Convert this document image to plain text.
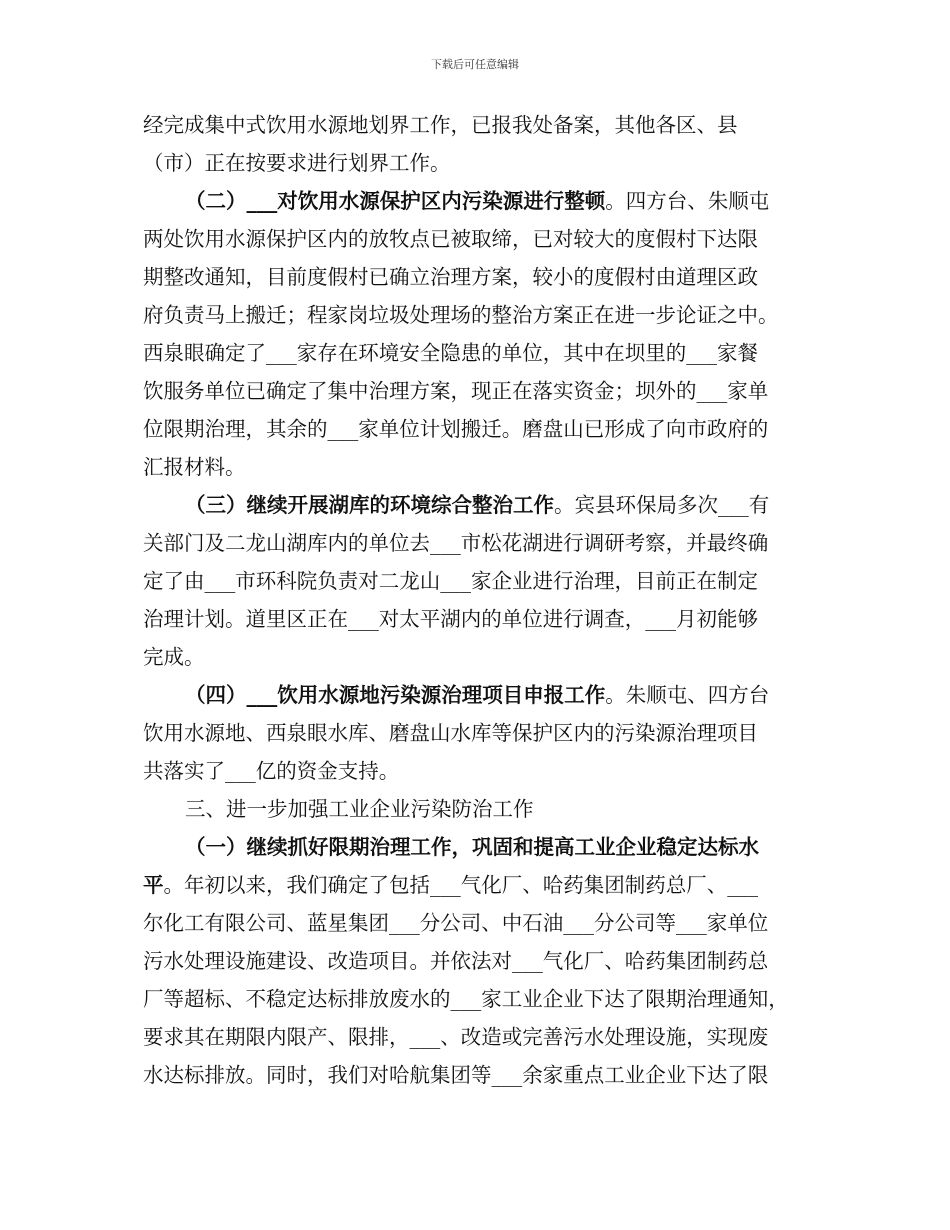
下载后可任意编辑
经完成集中式饮用水源地划界工作，已报我处备案，其他各区、县
（市）正在按要求进行划界工作。
（二）___对饮用水源保护区内污染源进行整顿。四方台、朱顺屯
两处饮用水源保护区内的放牧点已被取缔，已对较大的度假村下达限
期整改通知，目前度假村已确立治理方案，较小的度假村由道理区政
府负责马上搬迁；程家岗垃圾处理场的整治方案正在进一步论证之中。
西泉眼确定了___家存在环境安全隐患的单位，其中在坝里的___家餐
饮服务单位已确定了集中治理方案，现正在落实资金；坝外的___家单
位限期治理，其余的___家单位计划搬迁。磨盘山已形成了向市政府的
汇报材料。
（三）继续开展湖库的环境综合整治工作。宾县环保局多次___有
关部门及二龙山湖库内的单位去___市松花湖进行调研考察，并最终确
定了由___市环科院负责对二龙山___家企业进行治理，目前正在制定
治理计划。道里区正在___对太平湖内的单位进行调查，___月初能够
完成。
（四）___饮用水源地污染源治理项目申报工作。朱顺屯、四方台
饮用水源地、西泉眼水库、磨盘山水库等保护区内的污染源治理项目
共落实了___亿的资金支持。
三、进一步加强工业企业污染防治工作
（一）继续抓好限期治理工作，巩固和提高工业企业稳定达标水
平。年初以来，我们确定了包括___气化厂、哈药集团制药总厂、___
尔化工有限公司、蓝星集团___分公司、中石油___分公司等___家单位
污水处理设施建设、改造项目。并依法对___气化厂、哈药集团制药总
厂等超标、不稳定达标排放废水的___家工业企业下达了限期治理通知，
要求其在期限内限产、限排，___、改造或完善污水处理设施，实现废
水达标排放。同时，我们对哈航集团等___余家重点工业企业下达了限
